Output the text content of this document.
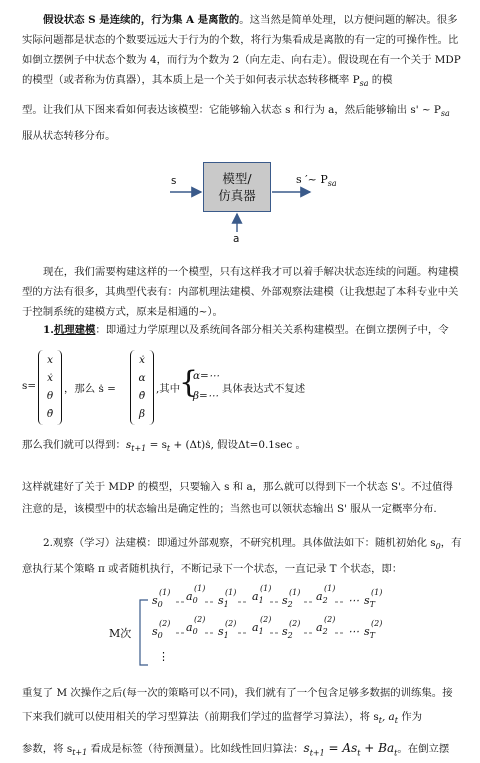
假设状态 S 是连续的，行为集 A 是离散的。这当然是简单处理，以方便问题的解决。很多实际问题都是状态的个数要远远大于行为的个数，将行为集看成是离散的有一定的可操作性。比如倒立摆例子中状态个数为 4，而行为个数为 2（向左走、向右走）。假设现在有一个关于 MDP 的模型（或者称为仿真器），其本质上是一个关于如何表示状态转移概率 $P_{sa}$ 的模

型。让我们从下图来看如何表达该模型：它能够输入状态 s 和行为 a，然后能够输出 s' ~ $P_{sa}$
服从状态转移分布。

模型/
仿真器
s
a
s ′~ $P_{sa}$

现在，我们需要构建这样的一个模型，只有这样我才可以着手解决状态连续的问题。构建模型的方法有很多，其典型代表有：内部机理法建模、外部观察法建模（让我想起了本科专业中关于控制系统的建模方式，原来是相通的~）。

1.机理建模：即通过力学原理以及系统间各部分相关关系构建模型。在倒立摆例子中，令

s=
x
ẋ
θ
θ̇
，那么 ṡ =
ẋ
α
θ̇
β
,其中
{
α=⋯
β=⋯
具体表达式不复述

那么我们就可以得到：$s_{t+1} = s_t$ + (Δt)ṡ, 假设Δt=0.1sec 。

这样就建好了关于 MDP 的模型，只要输入 s 和 a，那么就可以得到下一个状态 S'。不过值得注意的是，该模型中的状态输出是确定性的；当然也可以领状态输出 S' 服从一定概率分布.

2.观察（学习）法建模：即通过外部观察，不研究机理。具体做法如下：随机初始化 $s_0$，有意执行某个策略 π 或者随机执行，不断记录下一个状态，一直记录 T 个状态，即：

M次
$s_0$
(1) $a_0$
(1)
$s_1$
(1) $a_1$
(1)
$s_2$
(1) $a_2$
(1)
⋯ $s_T$
(1)
$s_0$
(2) $a_0$
(2)
$s_1$
(2) $a_1$
(2)
$s_2$
(2) $a_2$
(2)
⋯ $s_T$
(2)
⋮

重复了 M 次操作之后(每一次的策略可以不同)，我们就有了一个包含足够多数据的训练集。接下来我们就可以使用相关的学习型算法（前期我们学过的监督学习算法），将 $s_t$, $a_t$ 作为

参数，将 $s_{t+1}$ 看成是标签（待预测量）。比如线性回归算法：$s_{t+1} = As_t + Ba_t$。在倒立摆
